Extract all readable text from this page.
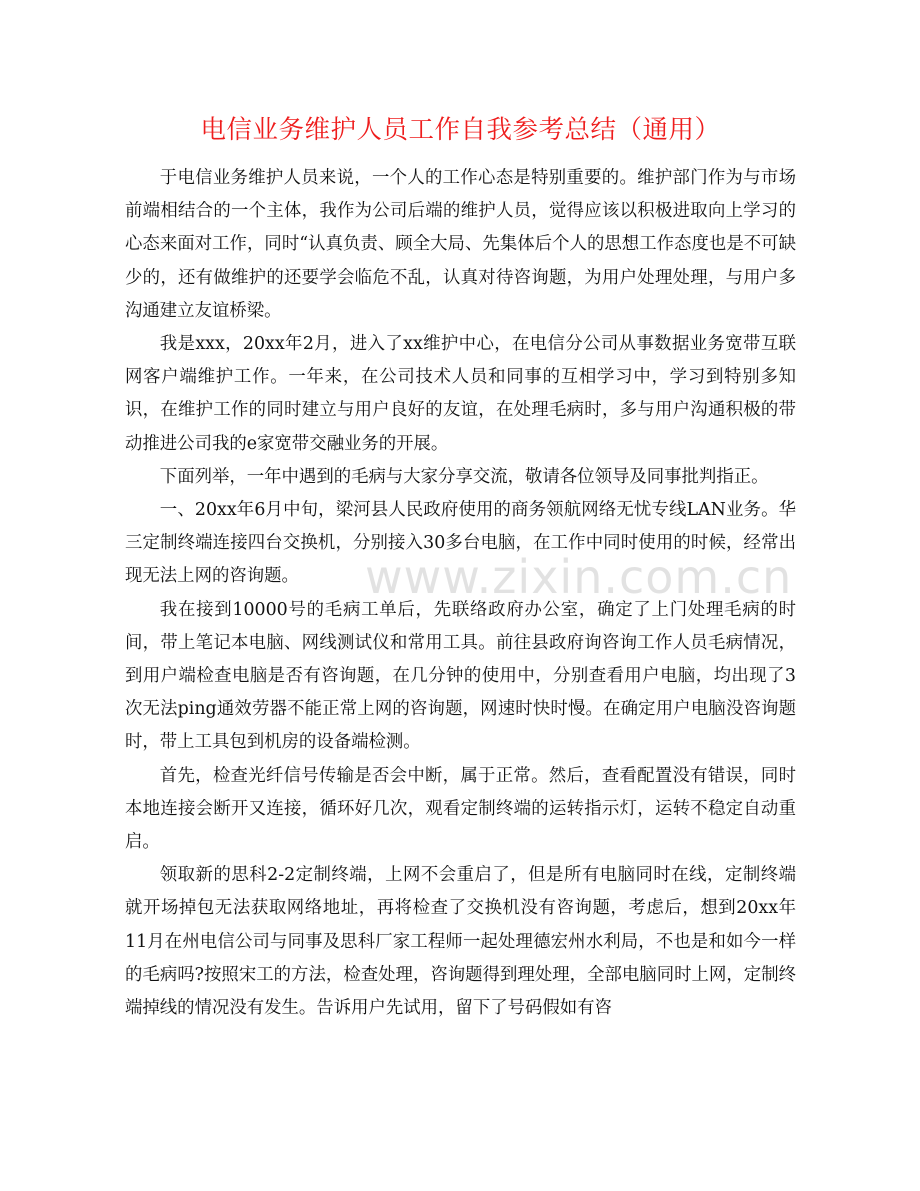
电信业务维护人员工作自我参考总结（通用）

于电信业务维护人员来说，一个人的工作心态是特别重要的。维护部门作为与市场前端相结合的一个主体，我作为公司后端的维护人员，觉得应该以积极进取向上学习的心态来面对工作，同时“认真负责、顾全大局、先集体后个人的思想工作态度也是不可缺少的，还有做维护的还要学会临危不乱，认真对待咨询题，为用户处理处理，与用户多沟通建立友谊桥梁。

我是xxx，20xx年2月，进入了xx维护中心，在电信分公司从事数据业务宽带互联网客户端维护工作。一年来，在公司技术人员和同事的互相学习中，学习到特别多知识，在维护工作的同时建立与用户良好的友谊，在处理毛病时，多与用户沟通积极的带动推进公司我的e家宽带交融业务的开展。

下面列举，一年中遇到的毛病与大家分享交流，敬请各位领导及同事批判指正。

一、20xx年6月中旬，梁河县人民政府使用的商务领航网络无忧专线LAN业务。华三定制终端连接四台交换机，分别接入30多台电脑，在工作中同时使用的时候，经常出现无法上网的咨询题。

我在接到10000号的毛病工单后，先联络政府办公室，确定了上门处理毛病的时间，带上笔记本电脑、网线测试仪和常用工具。前往县政府询咨询工作人员毛病情况，到用户端检查电脑是否有咨询题，在几分钟的使用中，分别查看用户电脑，均出现了3次无法ping通效劳器不能正常上网的咨询题，网速时快时慢。在确定用户电脑没咨询题时，带上工具包到机房的设备端检测。

首先，检查光纤信号传输是否会中断，属于正常。然后，查看配置没有错误，同时本地连接会断开又连接，循环好几次，观看定制终端的运转指示灯，运转不稳定自动重启。

领取新的思科2-2定制终端，上网不会重启了，但是所有电脑同时在线，定制终端就开场掉包无法获取网络地址，再将检查了交换机没有咨询题，考虑后，想到20xx年11月在州电信公司与同事及思科厂家工程师一起处理德宏州水利局，不也是和如今一样的毛病吗?按照宋工的方法，检查处理，咨询题得到理处理，全部电脑同时上网，定制终端掉线的情况没有发生。告诉用户先试用，留下了号码假如有咨

www.zixin.com.cn
